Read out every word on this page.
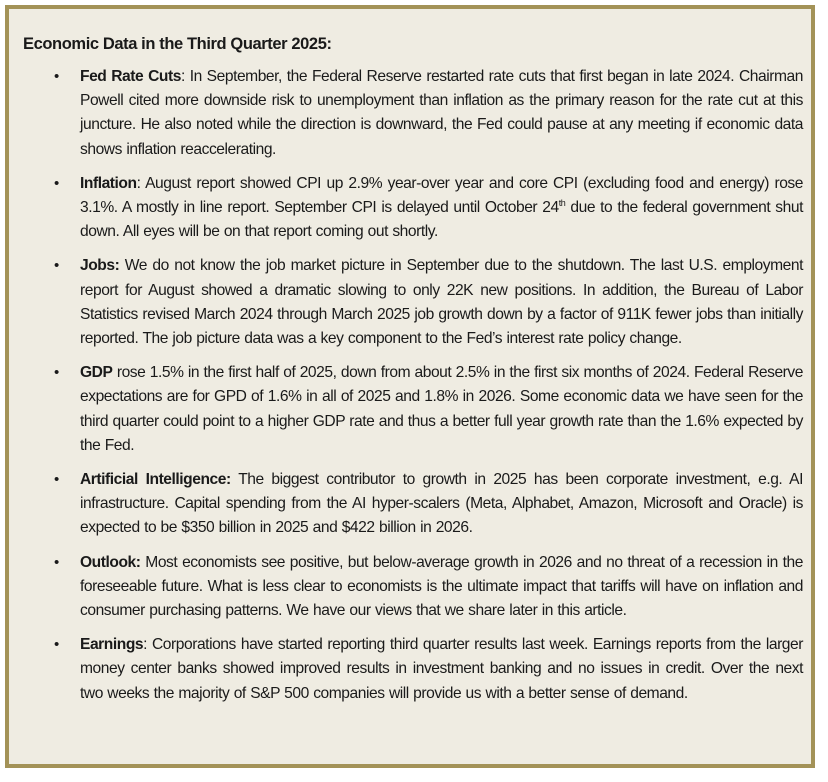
Economic Data in the Third Quarter 2025:
• Fed Rate Cuts: In September, the Federal Reserve restarted rate cuts that first began in late 2024. Chairman Powell cited more downside risk to unemployment than inflation as the primary reason for the rate cut at this juncture. He also noted while the direction is downward, the Fed could pause at any meeting if economic data shows inflation reaccelerating.
• Inflation: August report showed CPI up 2.9% year-over year and core CPI (excluding food and energy) rose 3.1%. A mostly in line report. September CPI is delayed until October 24th due to the federal government shut down. All eyes will be on that report coming out shortly.
• Jobs: We do not know the job market picture in September due to the shutdown. The last U.S. employment report for August showed a dramatic slowing to only 22K new positions. In addition, the Bureau of Labor Statistics revised March 2024 through March 2025 job growth down by a factor of 911K fewer jobs than initially reported. The job picture data was a key component to the Fed’s interest rate policy change.
• GDP rose 1.5% in the first half of 2025, down from about 2.5% in the first six months of 2024. Federal Reserve expectations are for GPD of 1.6% in all of 2025 and 1.8% in 2026. Some economic data we have seen for the third quarter could point to a higher GDP rate and thus a better full year growth rate than the 1.6% expected by the Fed.
• Artificial Intelligence: The biggest contributor to growth in 2025 has been corporate investment, e.g. AI infrastructure. Capital spending from the AI hyper-scalers (Meta, Alphabet, Amazon, Microsoft and Oracle) is expected to be $350 billion in 2025 and $422 billion in 2026.
• Outlook: Most economists see positive, but below-average growth in 2026 and no threat of a recession in the foreseeable future. What is less clear to economists is the ultimate impact that tariffs will have on inflation and consumer purchasing patterns. We have our views that we share later in this article.
• Earnings: Corporations have started reporting third quarter results last week. Earnings reports from the larger money center banks showed improved results in investment banking and no issues in credit. Over the next two weeks the majority of S&P 500 companies will provide us with a better sense of demand.
